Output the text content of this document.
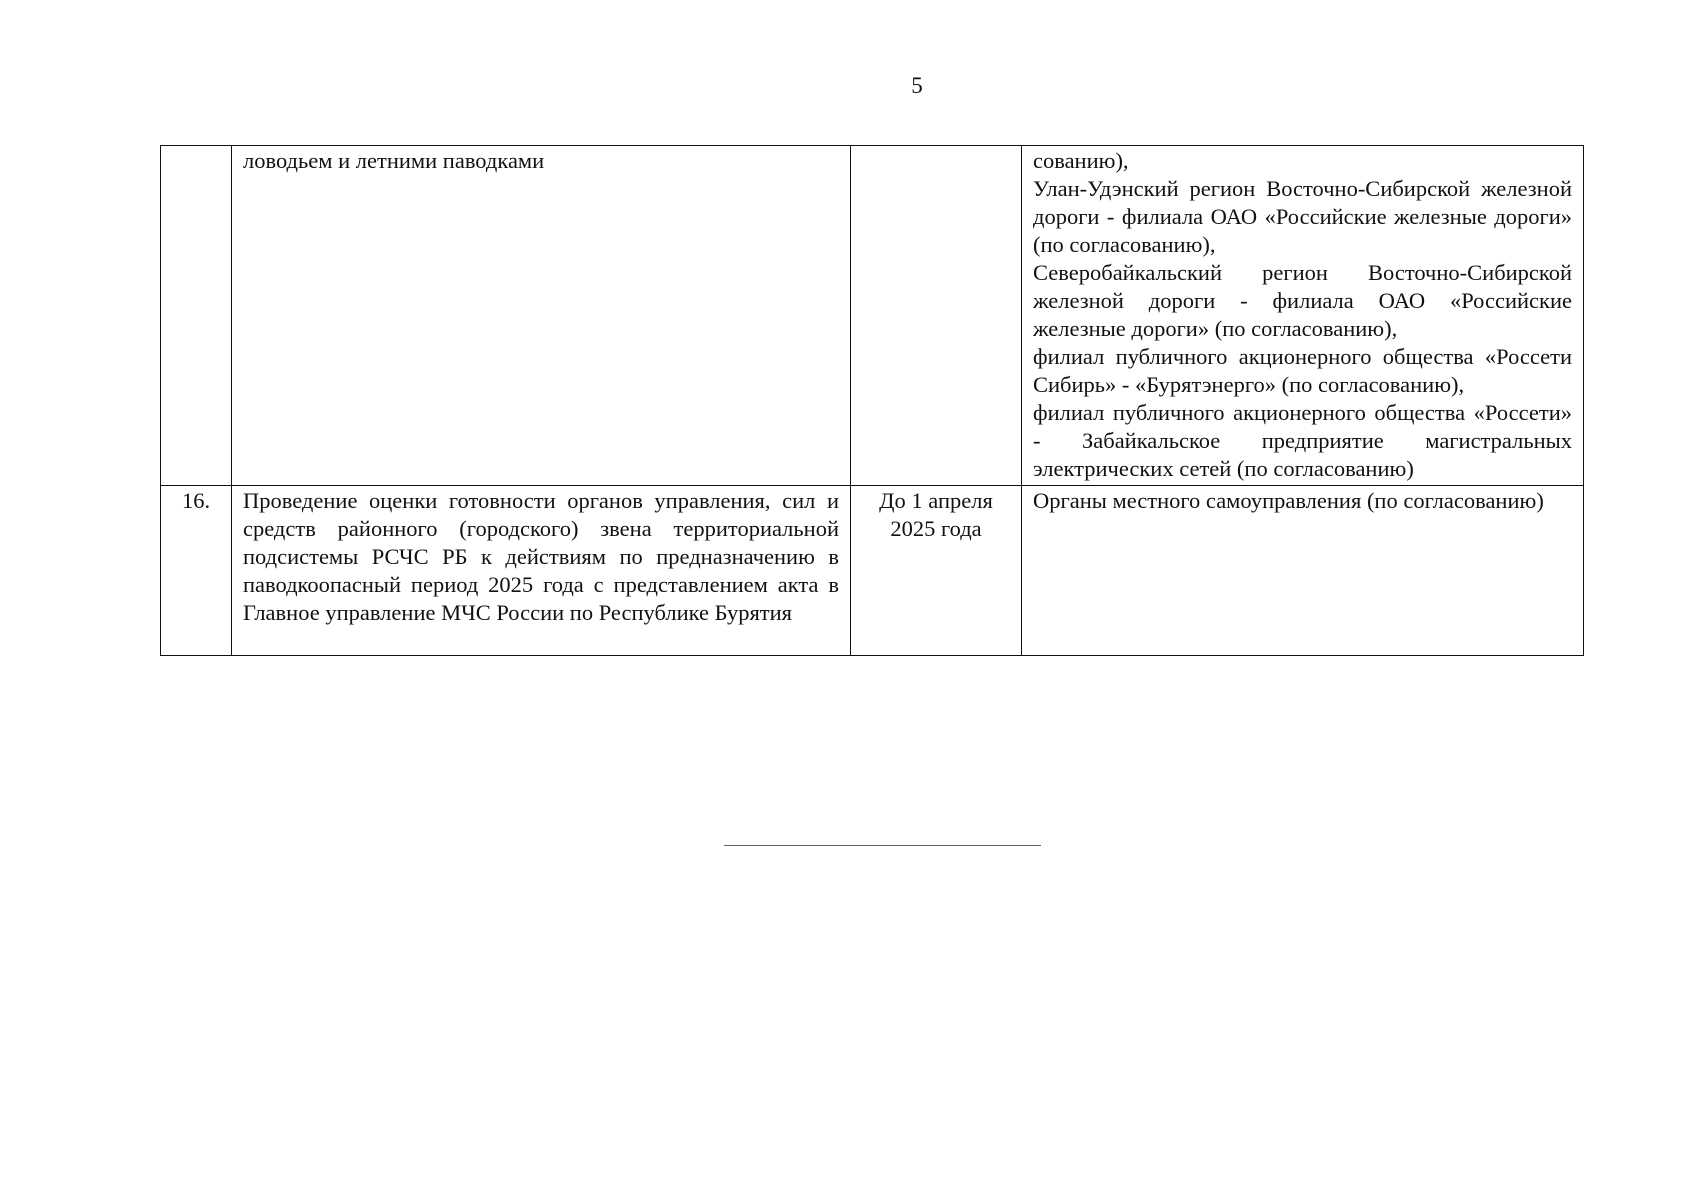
5
	ловодьем и летними паводками		сованию),
Улан-Удэнский регион Восточно-Сибирской железной дороги - филиала ОАО «Российские железные дороги» (по согласованию),
Северобайкальский регион Восточно-Сибирской железной дороги - филиала ОАО «Российские железные дороги» (по согласованию),
филиал публичного акционерного общества «Россети Сибирь» - «Бурятэнерго» (по согласованию),
филиал публичного акционерного общества «Россети» - Забайкальское предприятие магистральных электрических сетей (по согласованию)

16.	Проведение оценки готовности органов управления, сил и средств районного (городского) звена территориальной подсистемы РСЧС РБ к действиям по предназначению в паводкоопасный период 2025 года с представлением акта в Главное управление МЧС России по Республике Бурятия	До 1 апреля 2025 года	Органы местного самоуправления (по согласованию)
